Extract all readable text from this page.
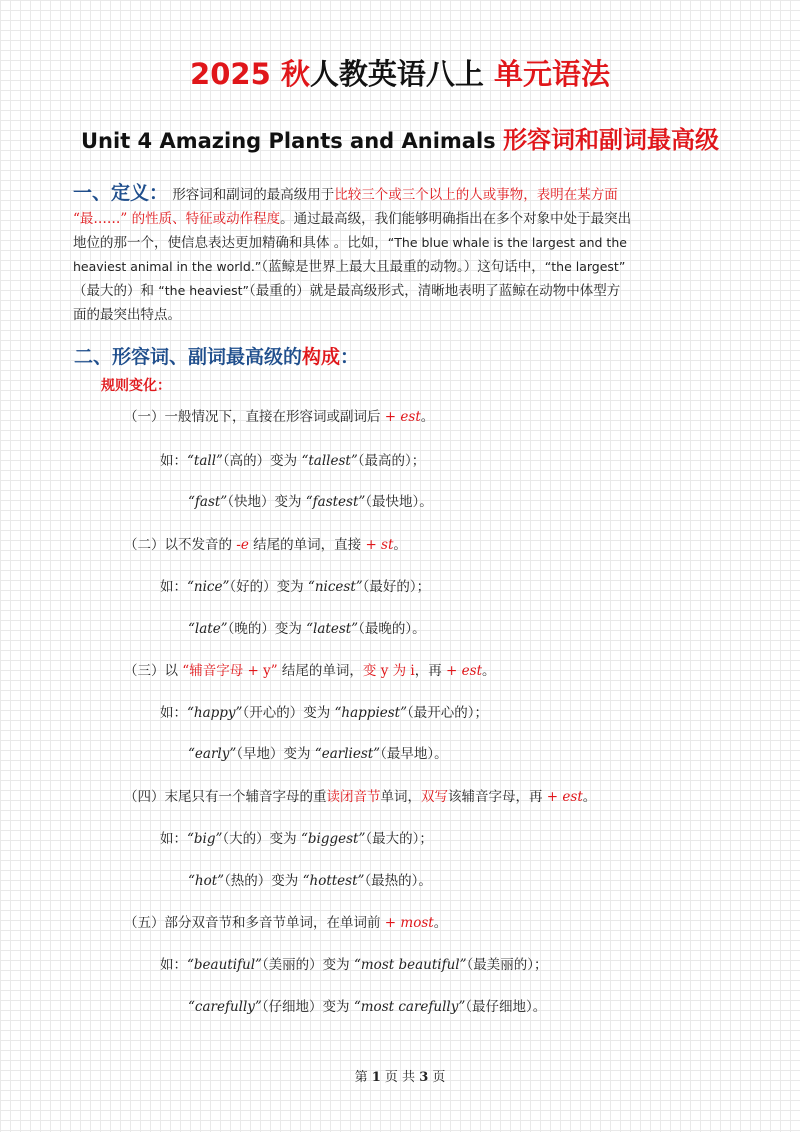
2025 秋人教英语八上 单元语法
Unit 4 Amazing Plants and Animals 形容词和副词最高级
一、定义： 形容词和副词的最高级用于比较三个或三个以上的人或事物，表明在某方面
“最……” 的性质、特征或动作程度。通过最高级，我们能够明确指出在多个对象中处于最突出
地位的那一个，使信息表达更加精确和具体 。比如，“The blue whale is the largest and the
heaviest animal in the world.”（蓝鲸是世界上最大且最重的动物。）这句话中，“the largest”
（最大的）和 “the heaviest”（最重的）就是最高级形式，清晰地表明了蓝鲸在动物中体型方
面的最突出特点。
二、形容词、副词最高级的构成：
规则变化：
（一）一般情况下，直接在形容词或副词后 + est。
如：“tall”（高的）变为 “tallest”（最高的）；
“fast”（快地）变为 “fastest”（最快地）。
（二）以不发音的 -e 结尾的单词，直接 + st。
如：“nice”（好的）变为 “nicest”（最好的）；
“late”（晚的）变为 “latest”（最晚的）。
（三）以 “辅音字母 + y” 结尾的单词，变 y 为 i，再 + est。
如：“happy”（开心的）变为 “happiest”（最开心的）；
“early”（早地）变为 “earliest”（最早地）。
（四）末尾只有一个辅音字母的重读闭音节单词，双写该辅音字母，再 + est。
如：“big”（大的）变为 “biggest”（最大的）；
“hot”（热的）变为 “hottest”（最热的）。
（五）部分双音节和多音节单词，在单词前 + most。
如：“beautiful”（美丽的）变为 “most beautiful”（最美丽的）；
“carefully”（仔细地）变为 “most carefully”（最仔细地）。
第 1 页 共 3 页
